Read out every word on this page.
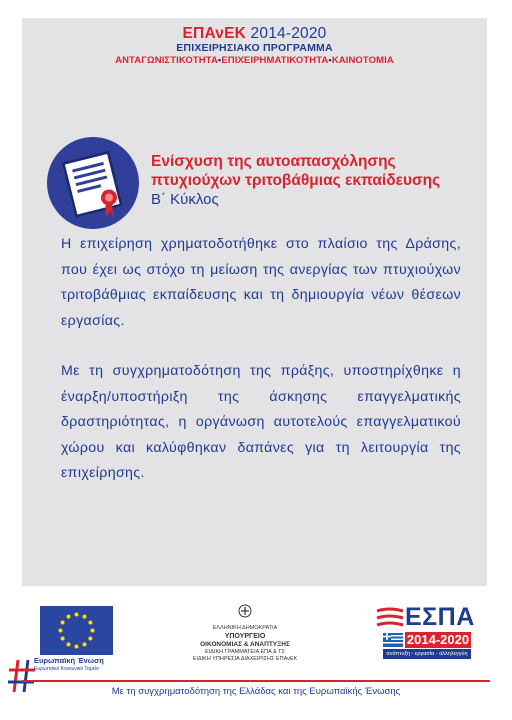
ΕΠΑνΕΚ 2014-2020
ΕΠΙΧΕΙΡΗΣΙΑΚΟ ΠΡΟΓΡΑΜΜΑ
ΑΝΤΑΓΩΝΙΣΤΙΚΟΤΗΤΑ•ΕΠΙΧΕΙΡΗΜΑΤΙΚΟΤΗΤΑ•ΚΑΙΝΟΤΟΜΙΑ
Ενίσχυση της αυτοαπασχόλησης
πτυχιούχων τριτοβάθμιας εκπαίδευσης
Β΄ Κύκλος

Η επιχείρηση χρηματοδοτήθηκε στο πλαίσιο της Δράσης, που έχει ως στόχο τη μείωση της ανεργίας των πτυχιούχων τριτοβάθμιας εκπαίδευσης και τη δημιουργία νέων θέσεων εργασίας.

Με τη συγχρηματοδότηση της πράξης, υποστηρίχθηκε η έναρξη/υποστήριξη της άσκησης επαγγελματικής δραστηριότητας, η οργάνωση αυτοτελούς επαγγελματικού χώρου και καλύφθηκαν δαπάνες για τη λειτουργία της επιχείρησης.

Ευρωπαϊκή Ένωση
Ευρωπαϊκό Κοινωνικό Ταμείο
ΕΛΛΗΝΙΚΗ ΔΗΜΟΚΡΑΤΙΑ
ΥΠΟΥΡΓΕΙΟ
ΟΙΚΟΝΟΜΙΑΣ & ΑΝΑΠΤΥΞΗΣ
ΕΙΔΙΚΗ ΓΡΑΜΜΑΤΕΙΑ ΕΠΑ & ΤΣ
ΕΙΔΙΚΗ ΥΠΗΡΕΣΙΑ ΔΙΑΧΕΙΡΙΣΗΣ ΕΠΑνΕΚ
ΕΣΠΑ
2014-2020
ανάπτυξη - εργασία - αλληλεγγύη
Με τη συγχρηματοδότηση της Ελλάδας και της Ευρωπαϊκής Ένωσης
